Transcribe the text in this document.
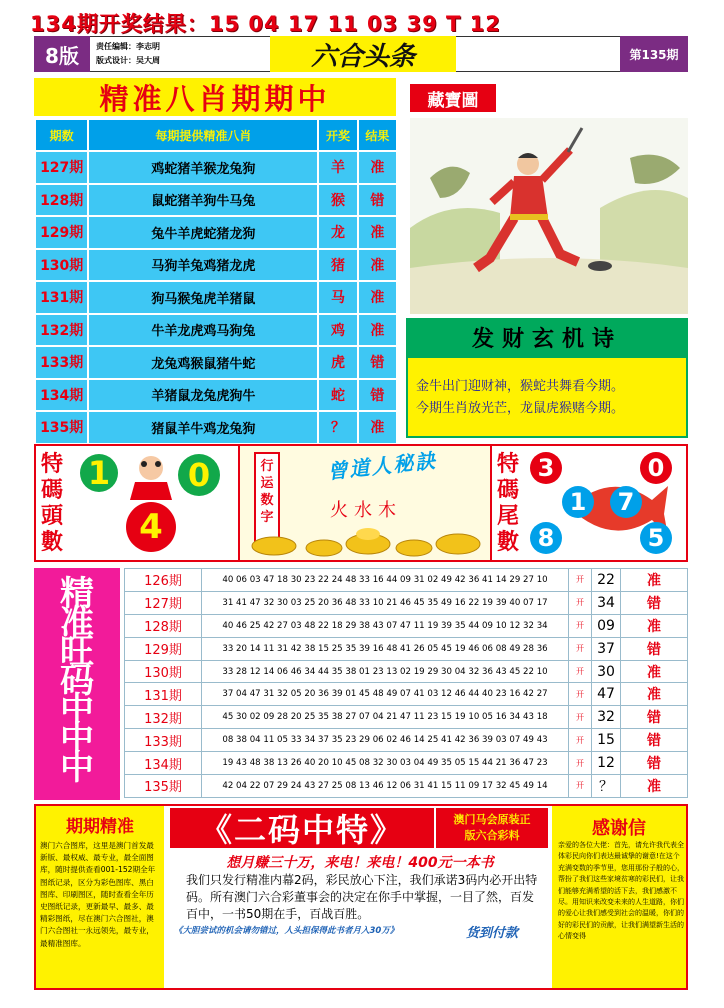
134期开奖结果：15 04 17 11 03 39 T 12
8版	责任编辑：李志明
版式设计：吴大周	六合头条	第135期
精准八肖期期中	藏寶圖
期数	每期提供精准八肖	开奖	结果
127期	鸡蛇猪羊猴龙兔狗	羊	准
128期	鼠蛇猪羊狗牛马兔	猴	错
129期	兔牛羊虎蛇猪龙狗	龙	准
130期	马狗羊兔鸡猪龙虎	猪	准
131期	狗马猴兔虎羊猪鼠	马	准
132期	牛羊龙虎鸡马狗兔	鸡	准
133期	龙兔鸡猴鼠猪牛蛇	虎	错
134期	羊猪鼠龙兔虎狗牛	蛇	错
135期	猪鼠羊牛鸡龙兔狗	？	准
发财玄机诗
金牛出门迎财神，猴蛇共舞看今期。
今期生肖放光芒，龙鼠虎猴赌今期。
特碼頭數
1	0
4
行运数字
曾道人秘訣
火水木
特碼尾數
3	0
1	7
8	5
精准旺码中中中
126期	40 06 03 47 18 30 23 22 24 48 33 16 44 09 31 02 49 42 36 41 14 29 27 10	开	22	准
127期	31 41 47 32 30 03 25 20 36 48 33 10 21 46 45 35 49 16 22 19 39 40 07 17	开	34	错
128期	40 46 25 42 27 03 48 22 18 29 38 43 07 47 11 19 39 35 44 09 10 12 32 34	开	09	准
129期	33 20 14 11 31 42 38 15 25 35 39 16 48 41 26 05 45 19 46 06 08 49 28 36	开	37	错
130期	33 28 12 14 06 46 34 44 35 38 01 23 13 02 19 29 30 04 32 36 43 45 22 10	开	30	准
131期	37 04 47 31 32 05 20 36 39 01 45 48 49 07 41 03 12 46 44 40 23 16 42 27	开	47	准
132期	45 30 02 09 28 20 25 35 38 27 07 04 21 47 11 23 15 19 10 05 16 34 43 18	开	32	错
133期	08 38 04 11 05 33 34 37 35 23 29 06 02 46 14 25 41 42 36 39 03 07 49 43	开	15	错
134期	19 43 48 38 13 26 40 20 10 45 08 32 30 03 04 49 35 05 15 44 21 36 47 23	开	12	错
135期	42 04 22 07 29 24 43 27 25 08 13 46 12 06 31 41 15 11 09 17 32 45 49 14	开	？	准
期期精准
澳门六合图库，这里是澳门首发最新版、最权威、最专业，最全面图库，随时提供查看001-152期全年图纸记录，区分为彩色图库、黑白图库、印刷图区，随时查看全年历史图纸记录，更新最早、最多、最精彩图纸，尽在澳门六合图社，澳门六合图社一永远领先，最专业，最精准图库。
《二码中特》	澳门马会原装正版六合彩料
想月赚三十万，来电！来电！400元一本书
我们只发行精准内幕2码，彩民放心下注，我们承诺3码内必开出特码。所有澳门六合彩董事会的决定在你手中掌握，一目了然，百发百中，一书50期在手，百战百胜。
《大胆尝试的机会请勿错过，人头担保得此书者月入30万》	货到付款
感谢信
亲爱的各位大佬：首先，请允许我代表全体彩民向你们表达最诚挚的谢意!在这个充满变数的季节里，您用那份子般的心，帮扮了我们这些家境贫寒的彩民们，让我们能够充满希望的活下去，我们感激不尽。用知识来改变未来的人生道路，你们的爱心让我们感受到社会的温暖，你们的好的彩民们的贡献，让我们满望新生活的心情变得
